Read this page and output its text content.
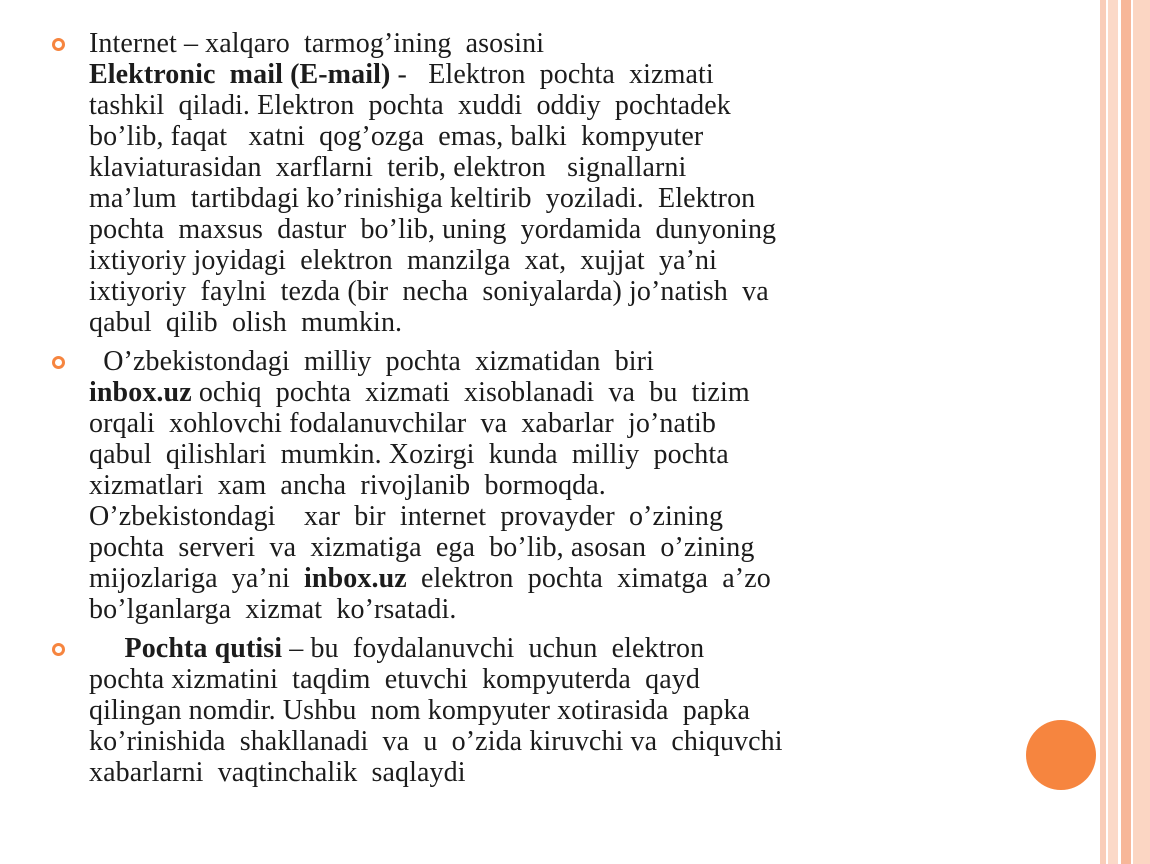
Internet – xalqaro  tarmog’ining  asosini
Elektronic  mail (E-mail) -   Elektron  pochta  xizmati
tashkil  qiladi. Elektron  pochta  xuddi  oddiy  pochtadek
bo’lib, faqat   xatni  qog’ozga  emas, balki  kompyuter
klaviaturasidan  xarflarni  terib, elektron   signallarni
ma’lum  tartibdagi ko’rinishiga keltirib  yoziladi.  Elektron
pochta  maxsus  dastur  bo’lib, uning  yordamida  dunyoning
ixtiyoriy joyidagi  elektron  manzilga  xat,  xujjat  ya’ni
ixtiyoriy  faylni  tezda (bir  necha  soniyalarda) jo’natish  va
qabul  qilib  olish  mumkin.
O’zbekistondagi  milliy  pochta  xizmatidan  biri
inbox.uz ochiq  pochta  xizmati  xisoblanadi  va  bu  tizim
orqali  xohlovchi fodalanuvchilar  va  xabarlar  jo’natib
qabul  qilishlari  mumkin. Xozirgi  kunda  milliy  pochta
xizmatlari  xam  ancha  rivojlanib  bormoqda.
O’zbekistondagi    xar  bir  internet  provayder  o’zining
pochta  serveri  va  xizmatiga  ega  bo’lib, asosan  o’zining
mijozlariga  ya’ni  inbox.uz  elektron  pochta  ximatga  a’zo
bo’lganlarga  xizmat  ko’rsatadi.
Pochta qutisi – bu  foydalanuvchi  uchun  elektron
pochta xizmatini  taqdim  etuvchi  kompyuterda  qayd
qilingan nomdir. Ushbu  nom kompyuter xotirasida  papka
ko’rinishida  shakllanadi  va  u  o’zida kiruvchi va  chiquvchi
xabarlarni  vaqtinchalik  saqlaydi
